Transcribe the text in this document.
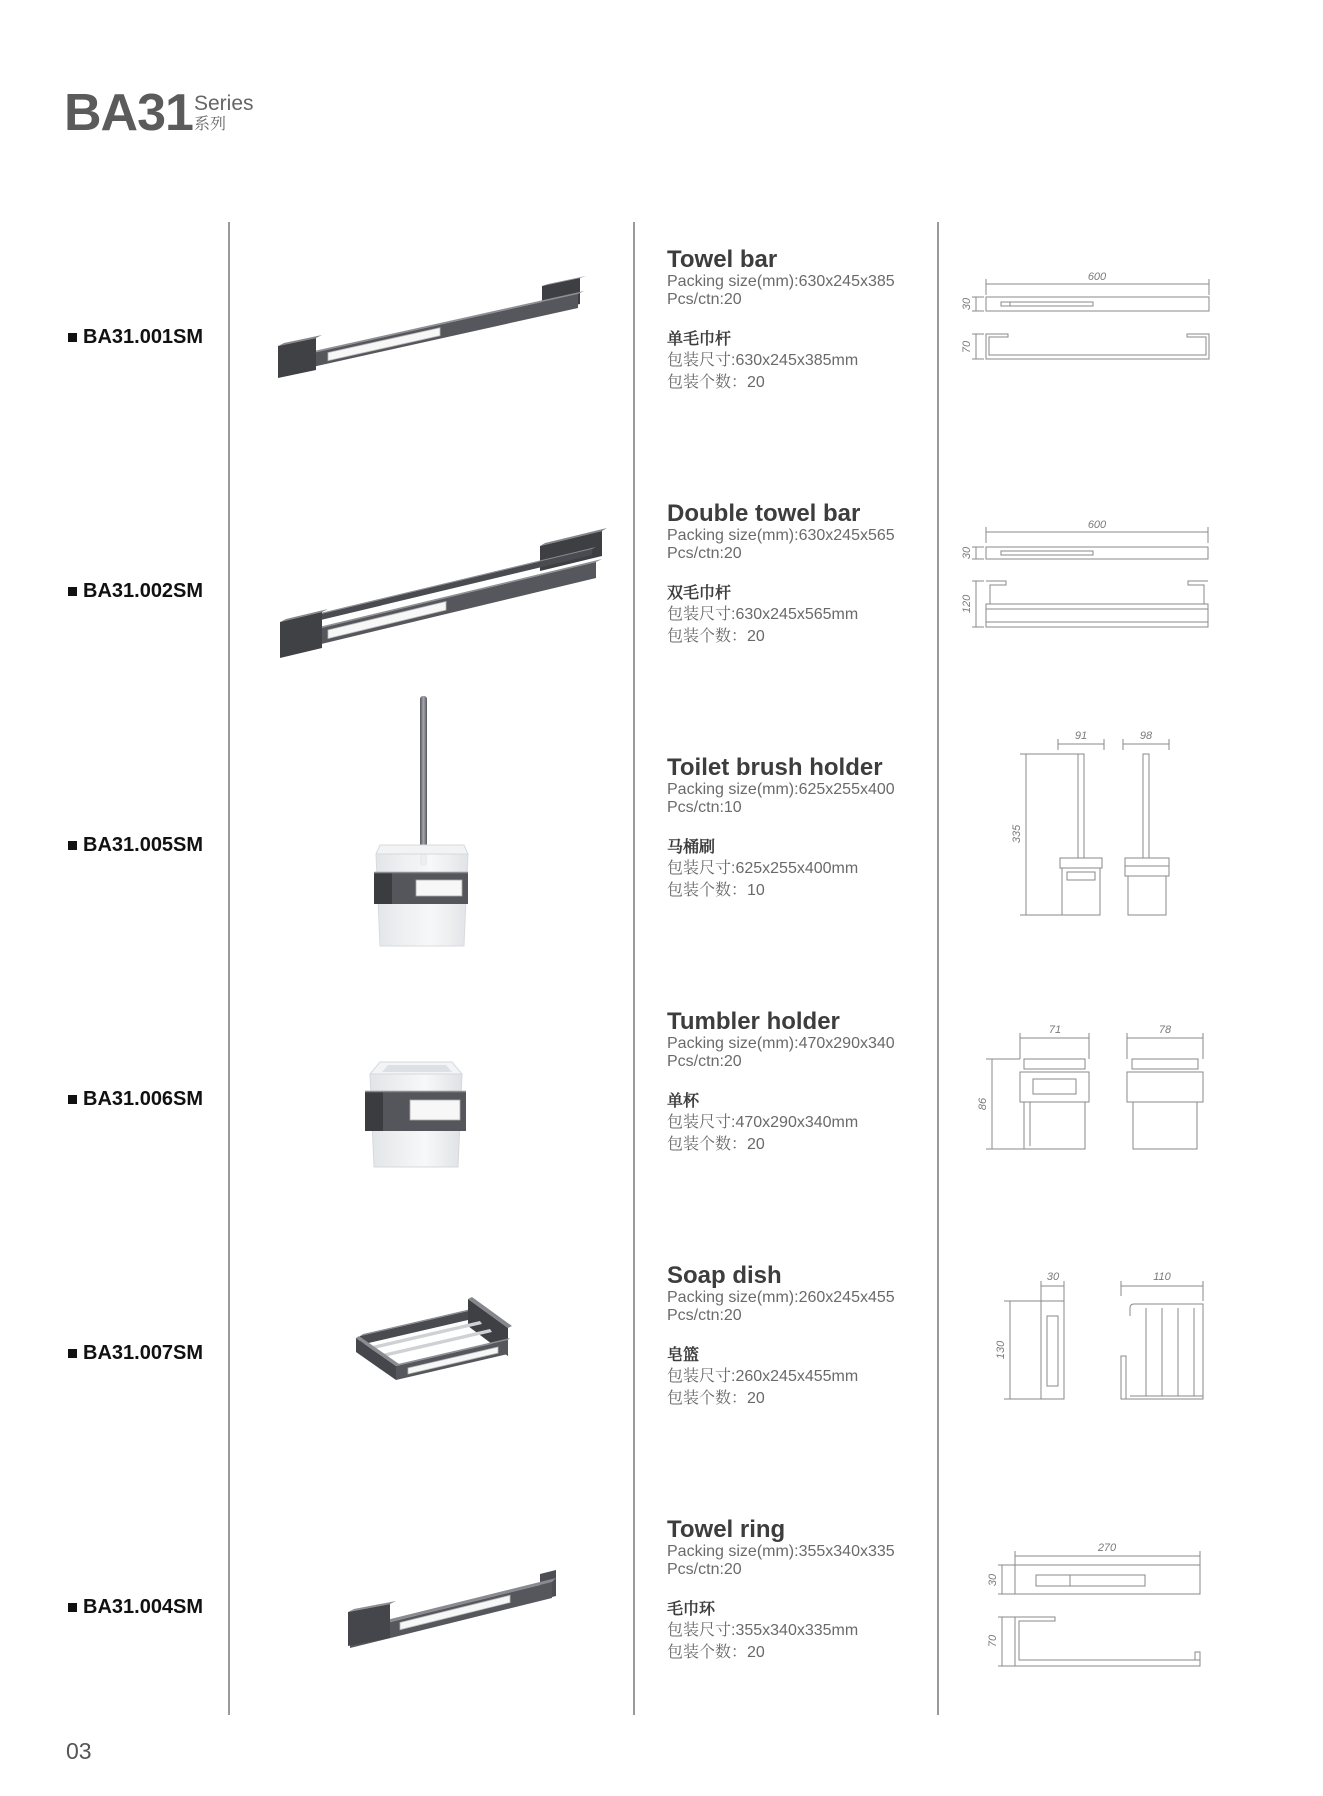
BA31 Series
系列
BA31.001SM
Towel bar
Packing size(mm):630x245x385
Pcs/ctn:20
单毛巾杆
包装尺寸:630x245x385mm
包装个数：20
600
30
70
BA31.002SM
Double towel bar
Packing size(mm):630x245x565
Pcs/ctn:20
双毛巾杆
包装尺寸:630x245x565mm
包装个数：20
600
30
120
BA31.005SM
Toilet brush holder
Packing size(mm):625x255x400
Pcs/ctn:10
马桶刷
包装尺寸:625x255x400mm
包装个数：10
91	98
335
BA31.006SM
Tumbler holder
Packing size(mm):470x290x340
Pcs/ctn:20
单杯
包装尺寸:470x290x340mm
包装个数：20
71	78
86
BA31.007SM
Soap dish
Packing size(mm):260x245x455
Pcs/ctn:20
皂篮
包装尺寸:260x245x455mm
包装个数：20
30	110
130
BA31.004SM
Towel ring
Packing size(mm):355x340x335
Pcs/ctn:20
毛巾环
包装尺寸:355x340x335mm
包装个数：20
270
30
70
03
